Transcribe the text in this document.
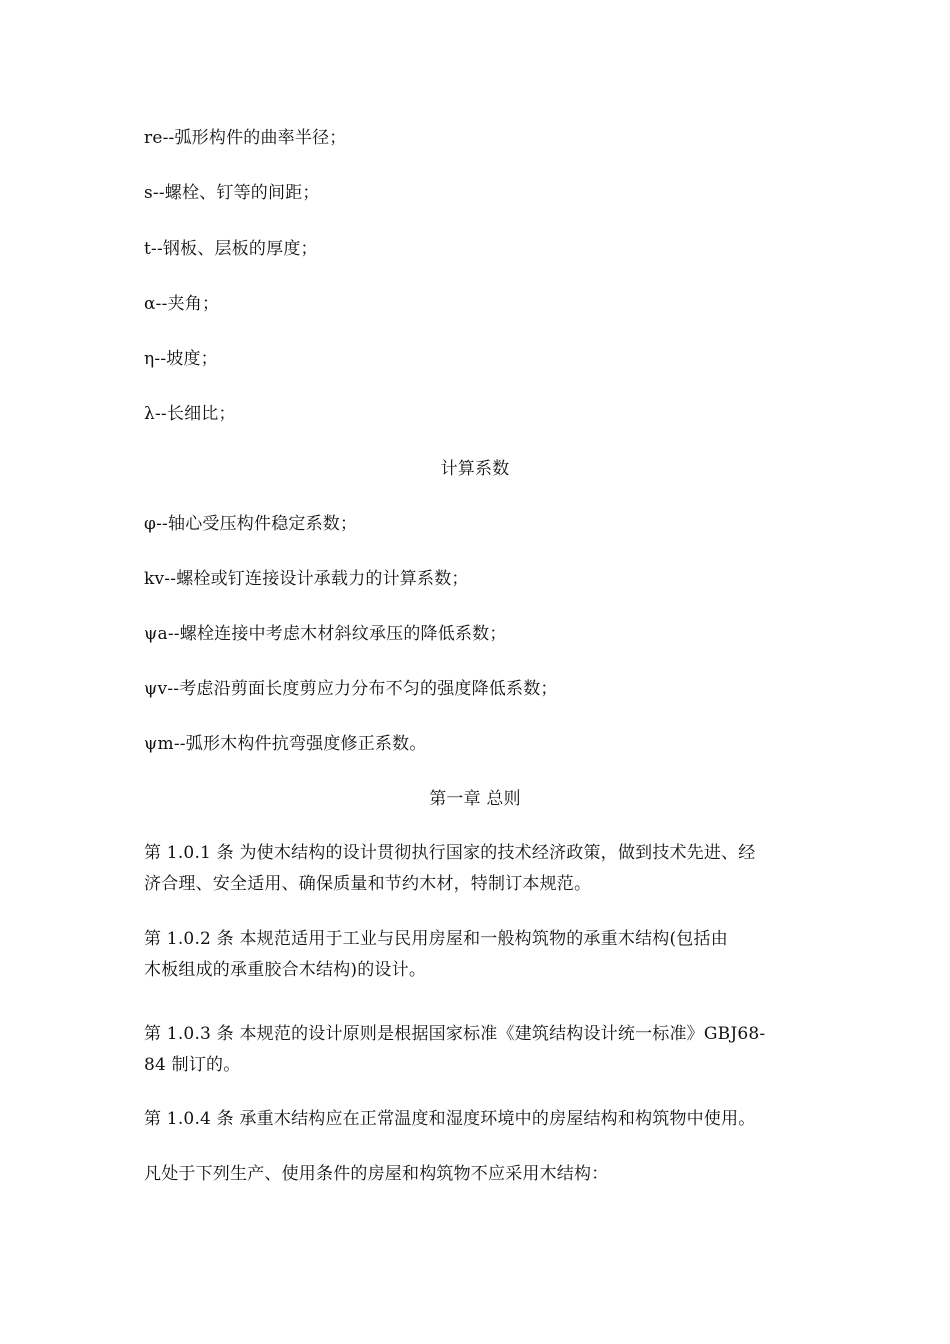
re--弧形构件的曲率半径；
s--螺栓、钉等的间距；
t--钢板、层板的厚度；
α--夹角；
η--坡度；
λ--长细比；
计算系数
φ--轴心受压构件稳定系数；
kv--螺栓或钉连接设计承载力的计算系数；
ψa--螺栓连接中考虑木材斜纹承压的降低系数；
ψv--考虑沿剪面长度剪应力分布不匀的强度降低系数；
ψm--弧形木构件抗弯强度修正系数。
第一章 总则
第 1.0.1 条 为使木结构的设计贯彻执行国家的技术经济政策，做到技术先进、经
济合理、安全适用、确保质量和节约木材，特制订本规范。
第 1.0.2 条 本规范适用于工业与民用房屋和一般构筑物的承重木结构(包括由
木板组成的承重胶合木结构)的设计。
第 1.0.3 条 本规范的设计原则是根据国家标准《建筑结构设计统一标准》GBJ68-
84 制订的。
第 1.0.4 条 承重木结构应在正常温度和湿度环境中的房屋结构和构筑物中使用。
凡处于下列生产、使用条件的房屋和构筑物不应采用木结构：
